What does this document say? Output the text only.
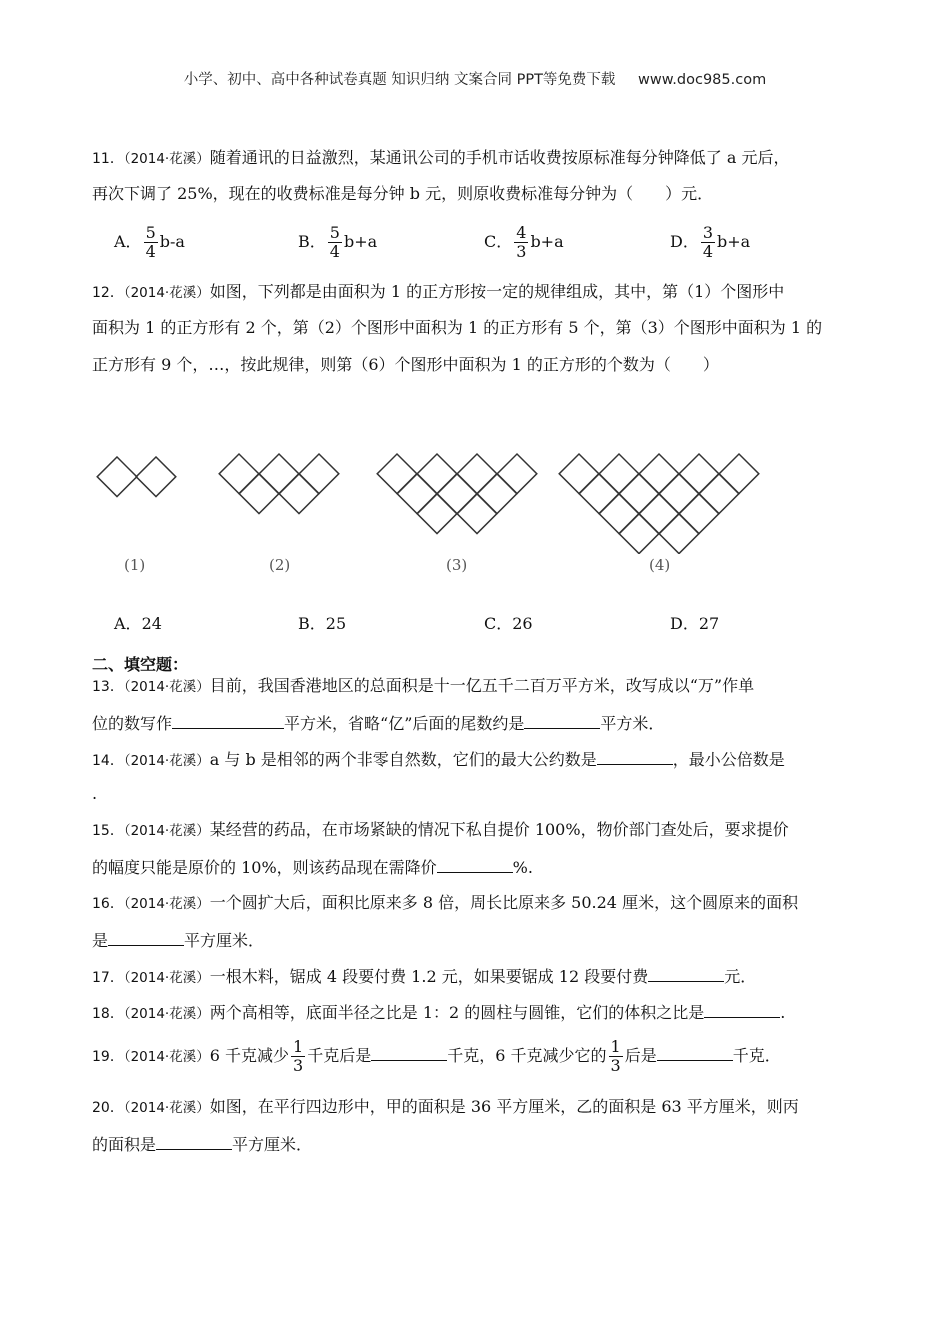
小学、初中、高中各种试卷真题 知识归纳 文案合同 PPT等免费下载 www.doc985.com
11．（2014·花溪）随着通讯的日益激烈，某通讯公司的手机市话收费按原标准每分钟降低了 a 元后，
再次下调了 25%，现在的收费标准是每分钟 b 元，则原收费标准每分钟为（　　）元．
A． $\frac{5}{4} b-a$	B． $\frac{5}{4} b+a$	C． $\frac{4}{3} b+a$	D． $\frac{3}{4} b+a$
12．（2014·花溪）如图，下列都是由面积为 1 的正方形按一定的规律组成，其中，第（1）个图形中
面积为 1 的正方形有 2 个，第（2）个图形中面积为 1 的正方形有 5 个，第（3）个图形中面积为 1 的
正方形有 9 个，…，按此规律，则第（6）个图形中面积为 1 的正方形的个数为（　　）
(1)	(2)	(3)	(4)
A．24	B．25	C．26	D．27
二、填空题：
13．（2014·花溪）目前，我国香港地区的总面积是十一亿五千二百万平方米，改写成以“万”作单
位的数写作	平方米，省略“亿”后面的尾数约是	平方米．
14．（2014·花溪）a 与 b 是相邻的两个非零自然数，它们的最大公约数是	，最小公倍数是
.
15．（2014·花溪）某经营的药品，在市场紧缺的情况下私自提价 100%，物价部门查处后，要求提价
的幅度只能是原价的 10%，则该药品现在需降价	%.
16．（2014·花溪）一个圆扩大后，面积比原来多 8 倍，周长比原来多 50.24 厘米，这个圆原来的面积
是	平方厘米．
17．（2014·花溪）一根木料，锯成 4 段要付费 1.2 元，如果要锯成 12 段要付费	元．
18．（2014·花溪）两个高相等，底面半径之比是 1：2 的圆柱与圆锥，它们的体积之比是	.
19．（2014·花溪）6 千克减少 $\frac{1}{3}$ 千克后是	千克，6 千克减少它的 $\frac{1}{3}$ 后是	千克．
20．（2014·花溪）如图，在平行四边形中，甲的面积是 36 平方厘米，乙的面积是 63 平方厘米，则丙
的面积是	平方厘米．
